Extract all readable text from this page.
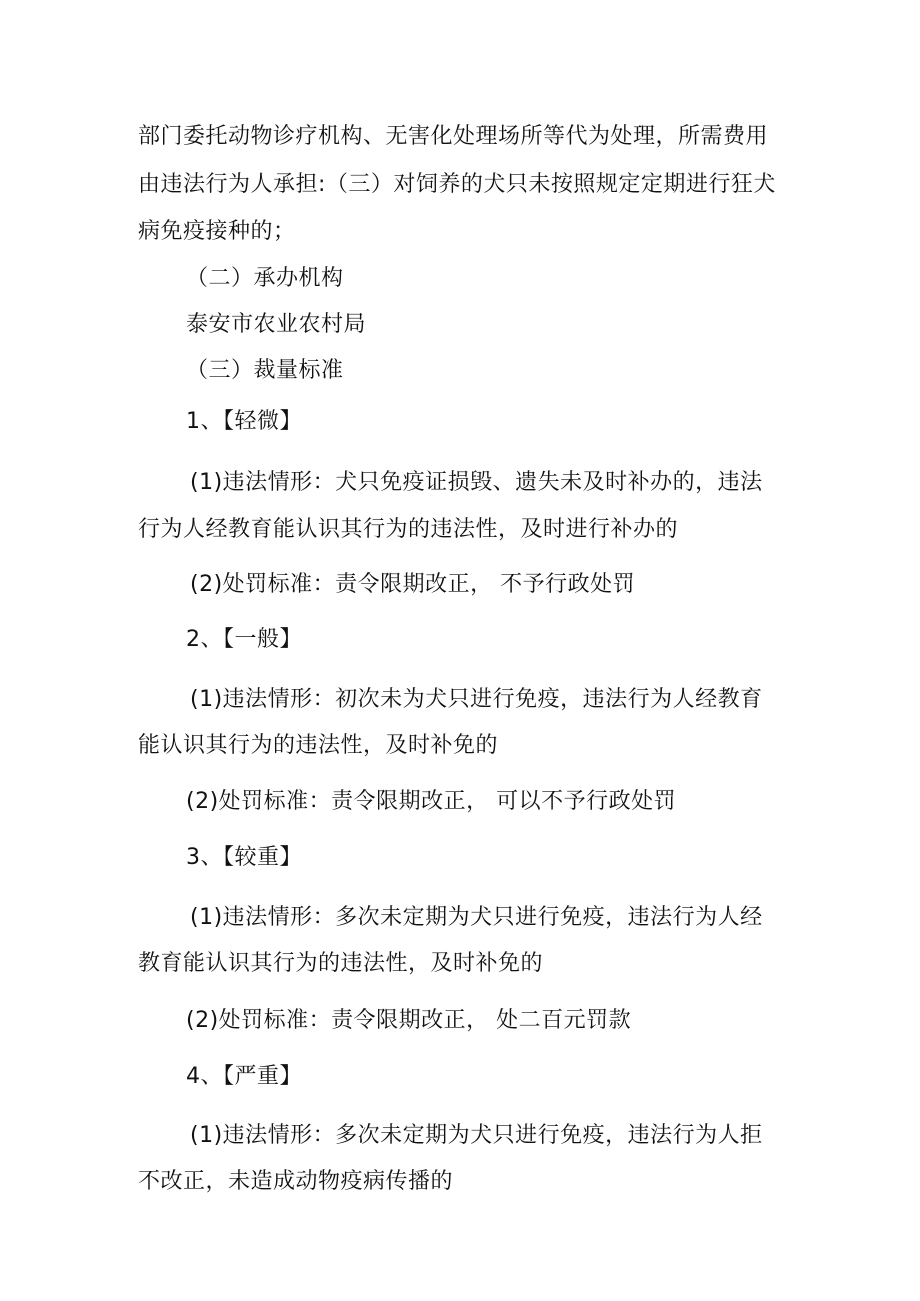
部门委托动物诊疗机构、无害化处理场所等代为处理，所需费用
由违法行为人承担:（三）对饲养的犬只未按照规定定期进行狂犬
病免疫接种的；
（二）承办机构
泰安市农业农村局
（三）裁量标准
1、【轻微】
(1)违法情形：犬只免疫证损毁、遗失未及时补办的，违法
行为人经教育能认识其行为的违法性，及时进行补办的
(2)处罚标准：责令限期改正， 不予行政处罚
2、【一般】
(1)违法情形：初次未为犬只进行免疫，违法行为人经教育
能认识其行为的违法性，及时补免的
(2)处罚标准：责令限期改正， 可以不予行政处罚
3、【较重】
(1)违法情形：多次未定期为犬只进行免疫，违法行为人经
教育能认识其行为的违法性，及时补免的
(2)处罚标准：责令限期改正， 处二百元罚款
4、【严重】
(1)违法情形：多次未定期为犬只进行免疫，违法行为人拒
不改正，未造成动物疫病传播的
